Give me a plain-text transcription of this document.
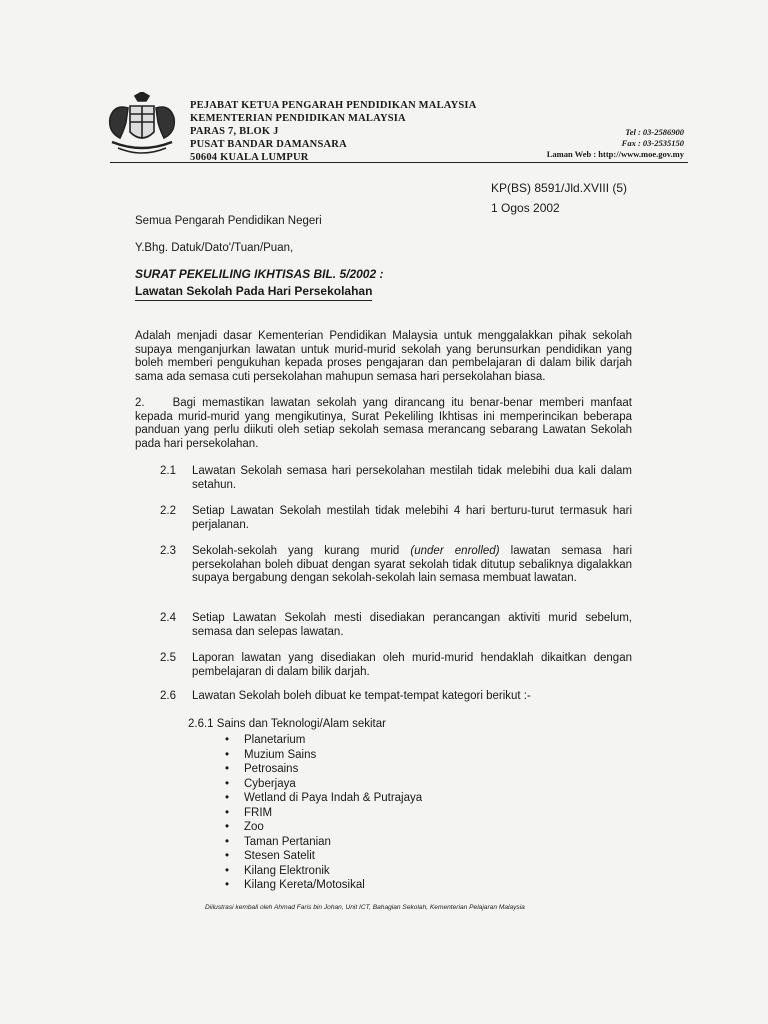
PEJABAT KETUA PENGARAH PENDIDIKAN MALAYSIA
KEMENTERIAN PENDIDIKAN MALAYSIA
PARAS 7, BLOK J
PUSAT BANDAR DAMANSARA
50604 KUALA LUMPUR
Tel : 03-2586900
Fax : 03-2535150
Laman Web : http://www.moe.gov.my
KP(BS) 8591/Jld.XVIII (5)
1 Ogos 2002
Semua Pengarah Pendidikan Negeri
Y.Bhg. Datuk/Dato'/Tuan/Puan,
SURAT PEKELILING IKHTISAS BIL. 5/2002 :
Lawatan Sekolah Pada Hari Persekolahan
Adalah menjadi dasar Kementerian Pendidikan Malaysia untuk menggalakkan pihak sekolah supaya menganjurkan lawatan untuk murid-murid sekolah yang berunsurkan pendidikan yang boleh memberi pengukuhan kepada proses pengajaran dan pembelajaran di dalam bilik darjah sama ada semasa cuti persekolahan mahupun semasa hari persekolahan biasa.
2. Bagi memastikan lawatan sekolah yang dirancang itu benar-benar memberi manfaat kepada murid-murid yang mengikutinya, Surat Pekeliling Ikhtisas ini memperincikan beberapa panduan yang perlu diikuti oleh setiap sekolah semasa merancang sebarang Lawatan Sekolah pada hari persekolahan.
2.1	Lawatan Sekolah semasa hari persekolahan mestilah tidak melebihi dua kali dalam setahun.
2.2	Setiap Lawatan Sekolah mestilah tidak melebihi 4 hari berturu-turut termasuk hari perjalanan.
2.3	Sekolah-sekolah yang kurang murid (under enrolled) lawatan semasa hari persekolahan boleh dibuat dengan syarat sekolah tidak ditutup sebaliknya digalakkan supaya bergabung dengan sekolah-sekolah lain semasa membuat lawatan.
2.4	Setiap Lawatan Sekolah mesti disediakan perancangan aktiviti murid sebelum, semasa dan selepas lawatan.
2.5	Laporan lawatan yang disediakan oleh murid-murid hendaklah dikaitkan dengan pembelajaran di dalam bilik darjah.
2.6	Lawatan Sekolah boleh dibuat ke tempat-tempat kategori berikut :-
2.6.1 Sains dan Teknologi/Alam sekitar
• Planetarium
• Muzium Sains
• Petrosains
• Cyberjaya
• Wetland di Paya Indah & Putrajaya
• FRIM
• Zoo
• Taman Pertanian
• Stesen Satelit
• Kilang Elektronik
• Kilang Kereta/Motosikal
Diilustrasi kembali oleh Ahmad Faris bin Johan, Unit ICT, Bahagian Sekolah, Kementerian Pelajaran Malaysia
